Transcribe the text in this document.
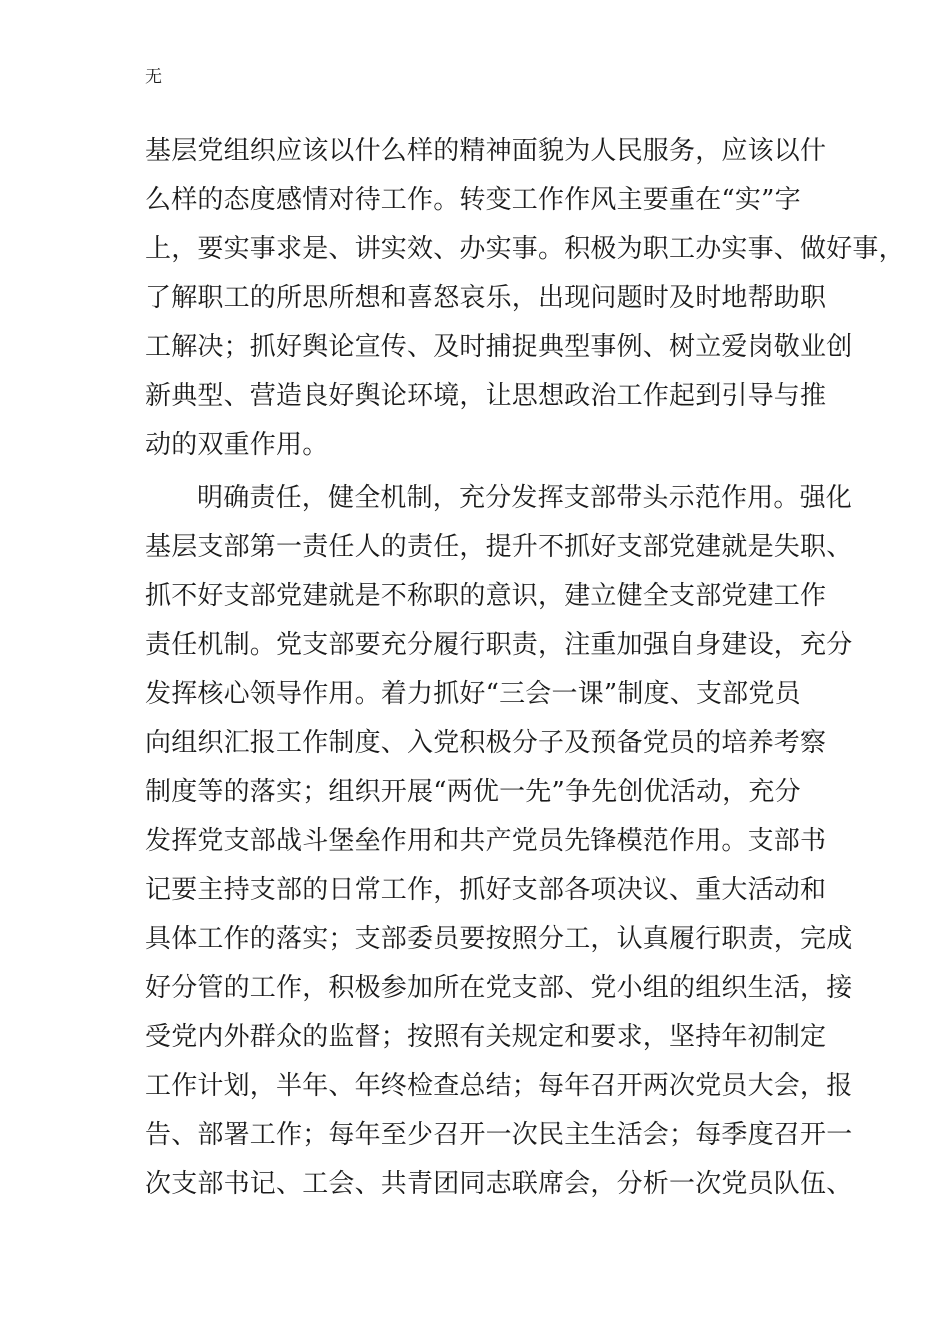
无
基层党组织应该以什么样的精神面貌为人民服务，应该以什
么样的态度感情对待工作。转变工作作风主要重在“实”字
上，要实事求是、讲实效、办实事。积极为职工办实事、做好事，
了解职工的所思所想和喜怒哀乐，出现问题时及时地帮助职
工解决；抓好舆论宣传、及时捕捉典型事例、树立爱岗敬业创
新典型、营造良好舆论环境，让思想政治工作起到引导与推
动的双重作用。
明确责任，健全机制，充分发挥支部带头示范作用。强化
基层支部第一责任人的责任，提升不抓好支部党建就是失职、
抓不好支部党建就是不称职的意识，建立健全支部党建工作
责任机制。党支部要充分履行职责，注重加强自身建设，充分
发挥核心领导作用。着力抓好“三会一课”制度、支部党员
向组织汇报工作制度、入党积极分子及预备党员的培养考察
制度等的落实；组织开展“两优一先”争先创优活动，充分
发挥党支部战斗堡垒作用和共产党员先锋模范作用。支部书
记要主持支部的日常工作，抓好支部各项决议、重大活动和
具体工作的落实；支部委员要按照分工，认真履行职责，完成
好分管的工作，积极参加所在党支部、党小组的组织生活，接
受党内外群众的监督；按照有关规定和要求，坚持年初制定
工作计划，半年、年终检查总结；每年召开两次党员大会，报
告、部署工作；每年至少召开一次民主生活会；每季度召开一
次支部书记、工会、共青团同志联席会，分析一次党员队伍、
